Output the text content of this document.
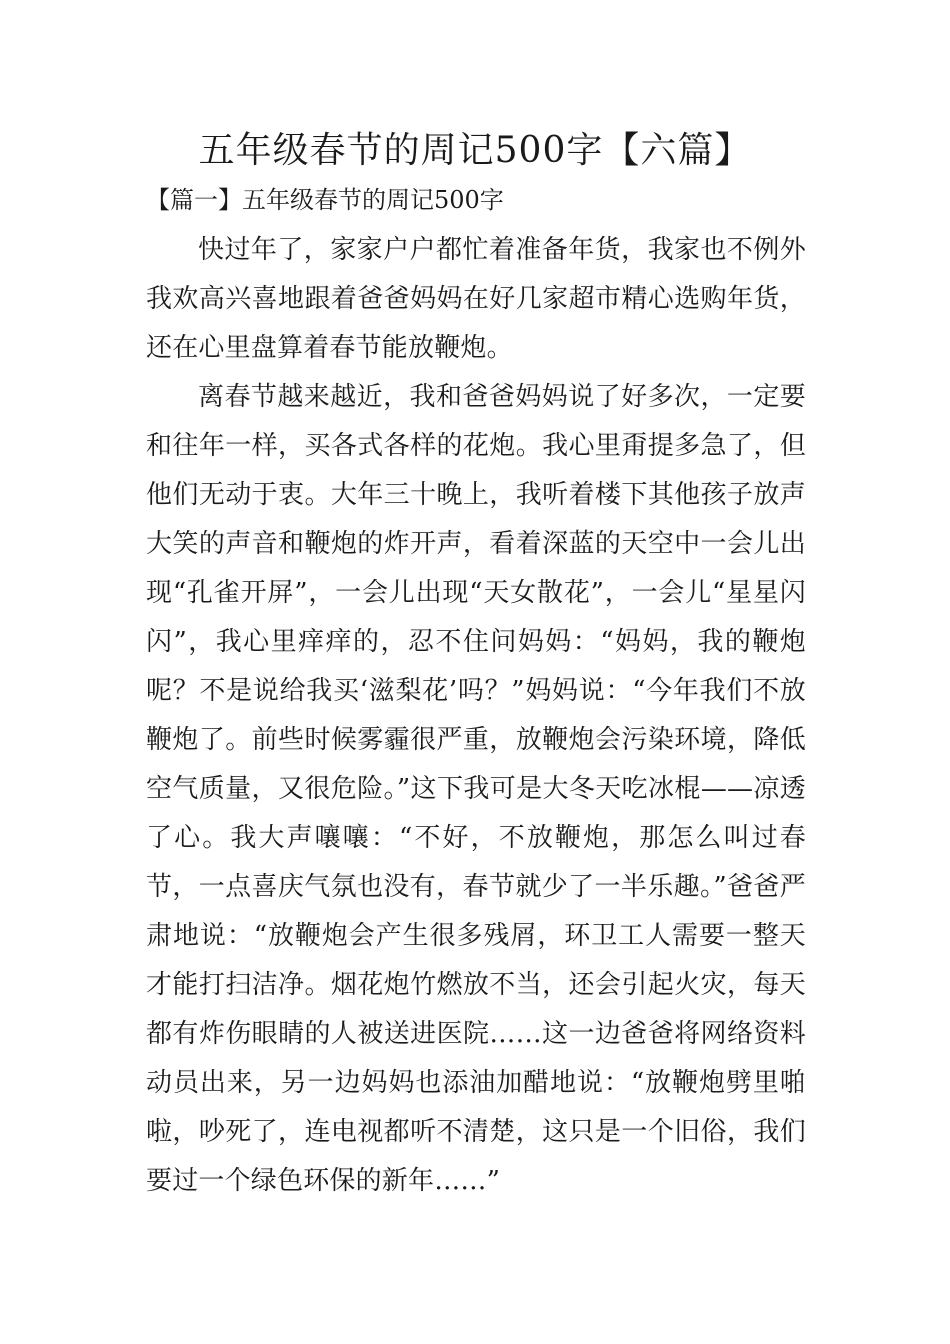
五年级春节的周记500字【六篇】
【篇一】五年级春节的周记500字

快过年了，家家户户都忙着准备年货，我家也不例外我欢高兴喜地跟着爸爸妈妈在好几家超市精心选购年货，还在心里盘算着春节能放鞭炮。

离春节越来越近，我和爸爸妈妈说了好多次，一定要和往年一样，买各式各样的花炮。我心里甭提多急了，但他们无动于衷。大年三十晚上，我听着楼下其他孩子放声大笑的声音和鞭炮的炸开声，看着深蓝的天空中一会儿出现“孔雀开屏”，一会儿出现“天女散花”，一会儿“星星闪闪”，我心里痒痒的，忍不住问妈妈：“妈妈，我的鞭炮呢？不是说给我买‘滋梨花’吗？”妈妈说：“今年我们不放鞭炮了。前些时候雾霾很严重，放鞭炮会污染环境，降低空气质量，又很危险。”这下我可是大冬天吃冰棍——凉透了心。我大声嚷嚷：“不好，不放鞭炮，那怎么叫过春节，一点喜庆气氛也没有，春节就少了一半乐趣。”爸爸严肃地说：“放鞭炮会产生很多残屑，环卫工人需要一整天才能打扫洁净。烟花炮竹燃放不当，还会引起火灾，每天都有炸伤眼睛的人被送进医院……这一边爸爸将网络资料动员出来，另一边妈妈也添油加醋地说：“放鞭炮劈里啪啦，吵死了，连电视都听不清楚，这只是一个旧俗，我们要过一个绿色环保的新年……”
